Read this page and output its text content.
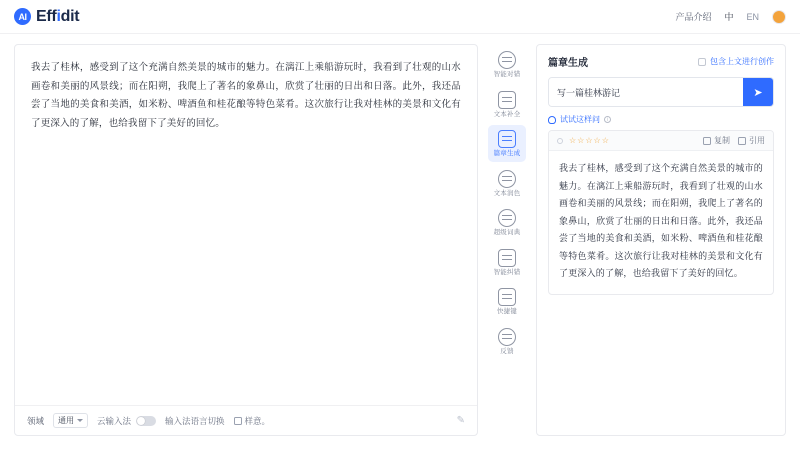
AI Effidit	产品介绍 中 EN
我去了桂林，感受到了这个充满自然美景的城市的魅力。在漓江上乘船游玩时，我看到了壮观的山水画卷和美丽的风景线；而在阳朔，我爬上了著名的象鼻山，欣赏了壮丽的日出和日落。此外，我还品尝了当地的美食和美酒，如米粉、啤酒鱼和桂花酿等特色菜肴。这次旅行让我对桂林的美景和文化有了更深入的了解，也给我留下了美好的回忆。
领域 通用	云输入法	输入法语言切换 样意。	✎
智能对错
文本补全
篇章生成
文本润色
超级词典
智能纠错
快捷键
反馈
篇章生成	包含上文进行创作
写一篇桂林游记
➤
试试这样问	i
☆☆☆☆☆	复制 引用
我去了桂林，感受到了这个充满自然美景的城市的魅力。在漓江上乘船游玩时，我看到了壮观的山水画卷和美丽的风景线；而在阳朔，我爬上了著名的象鼻山，欣赏了壮丽的日出和日落。此外，我还品尝了当地的美食和美酒，如米粉、啤酒鱼和桂花酿等特色菜肴。这次旅行让我对桂林的美景和文化有了更深入的了解，也给我留下了美好的回忆。
